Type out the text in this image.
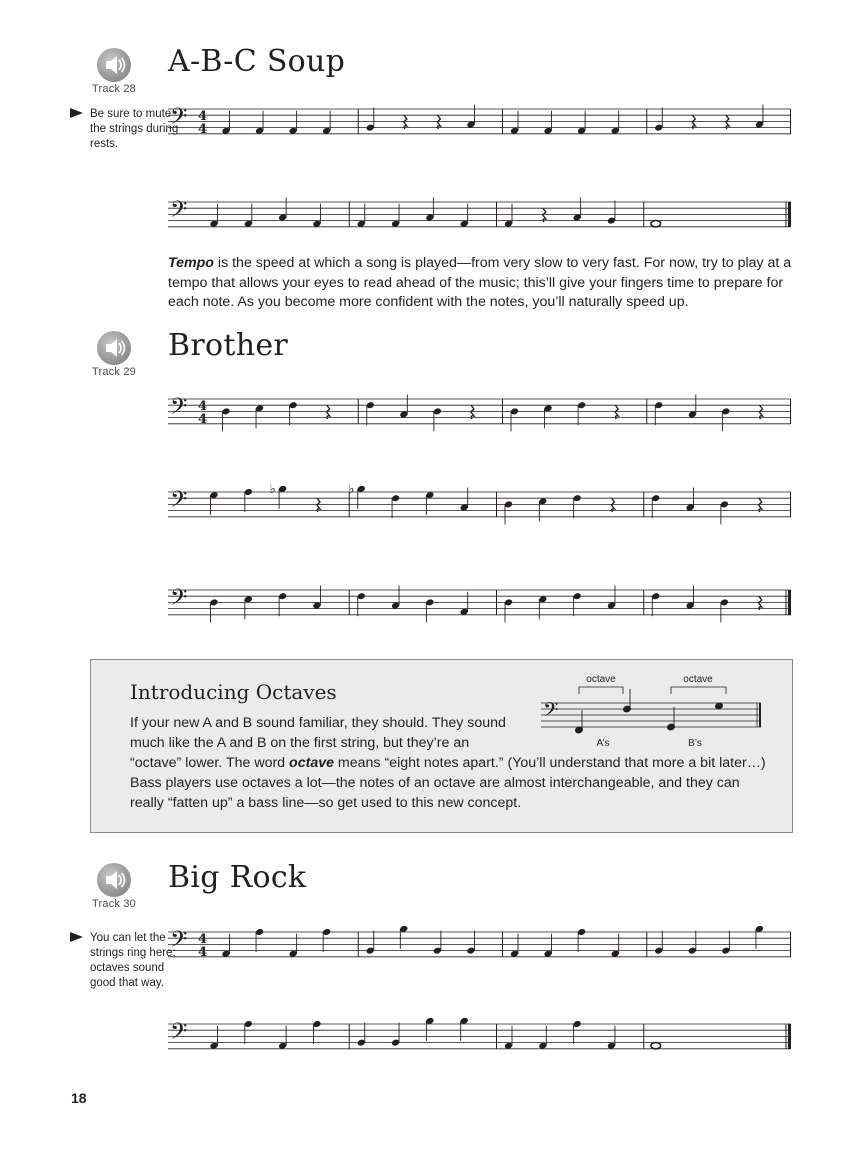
Track 28
A-B-C Soup
Be sure to mute the strings during rests.
𝄢 4
4
𝄢
Tempo is the speed at which a song is played—from very slow to very fast. For now, try to play at a tempo that allows your eyes to read ahead of the music; this’ll give your fingers time to prepare for each note. As you become more confident with the notes, you’ll naturally speed up.
Track 29
Brother
𝄢 4
4
𝄢	♭	♭
𝄢
Introducing Octaves
If your new A and B sound familiar, they should. They sound much like the A and B on the first string, but they’re an
“octave” lower. The word octave means “eight notes apart.” (You’ll understand that more a bit later…) Bass players use octaves a lot—the notes of an octave are almost interchangeable, and they can really “fatten up” a bass line—so get used to this new concept.
octave	octave
𝄢
A’s	B’s
Track 30
Big Rock
You can let the strings ring here; octaves sound good that way.
𝄢 4
4
𝄢
18
